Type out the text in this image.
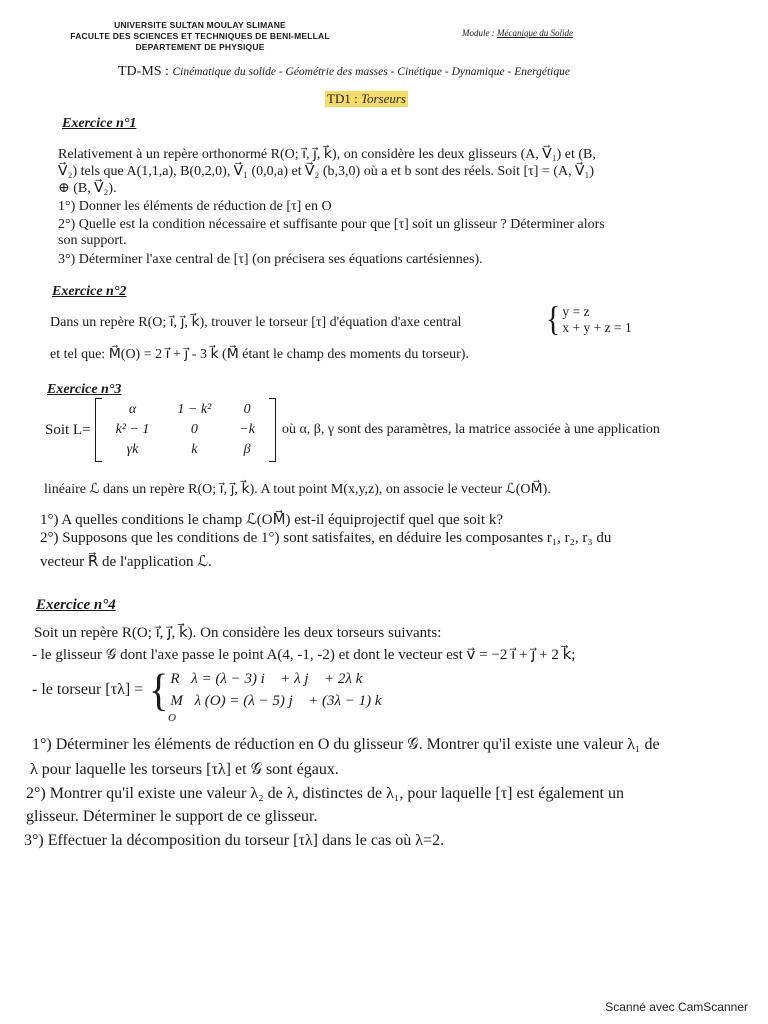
UNIVERSITE SULTAN MOULAY SLIMANE
FACULTE DES SCIENCES ET TECHNIQUES DE BENI-MELLAL
DEPARTEMENT DE PHYSIQUE
Module : Mécanique du Solide
TD-MS : Cinématique du solide - Géométrie des masses - Cinétique - Dynamique - Energétique
TD1 : Torseurs
Exercice n°1
Relativement à un repère orthonormé R(O; i⃗, j⃗, k⃗), on considère les deux glisseurs (A, V⃗₁) et (B,
V⃗₂) tels que A(1,1,a), B(0,2,0), V⃗₁ (0,0,a) et V⃗₂ (b,3,0) où a et b sont des réels. Soit [τ] = (A, V⃗₁)
⊕ (B, V⃗₂).
1°) Donner les éléments de réduction de [τ] en O
2°) Quelle est la condition nécessaire et suffisante pour que [τ] soit un glisseur ? Déterminer alors
son support.
3°) Déterminer l'axe central de [τ] (on précisera ses équations cartésiennes).
Exercice n°2
Dans un repère R(O; i⃗, j⃗, k⃗), trouver le torseur [τ] d'équation d'axe central	{ y = z
x + y + z = 1
et tel que: M⃗(O) = 2 i⃗ + j⃗ - 3 k⃗ (M⃗ étant le champ des moments du torseur).
Exercice n°3
Soit L=
α	1 − k²	0
k² − 1	0	−k
γk	k	β
où α, β, γ sont des paramètres, la matrice associée à une application
linéaire ℒ dans un repère R(O; i⃗, j⃗, k⃗). A tout point M(x,y,z), on associe le vecteur ℒ(OM⃗).
1°) A quelles conditions le champ ℒ(OM⃗) est-il équiprojectif quel que soit k?
2°) Supposons que les conditions de 1°) sont satisfaites, en déduire les composantes r₁, r₂, r₃ du
vecteur R⃗ de l'application ℒ.
Exercice n°4
Soit un repère R(O; i⃗, j⃗, k⃗). On considère les deux torseurs suivants:
- le glisseur 𝒢 dont l'axe passe le point A(4, -1, -2) et dont le vecteur est v⃗ = −2 i⃗ + j⃗ + 2 k⃗;
- le torseur [τλ] = { R⃗λ = (λ − 3) i⃗ + λ j⃗ + 2λ k⃗
M⃗λ (O) = (λ − 5) j⃗ + (3λ − 1) k⃗
O
1°) Déterminer les éléments de réduction en O du glisseur 𝒢. Montrer qu'il existe une valeur λ₁ de
λ pour laquelle les torseurs [τλ] et 𝒢 sont égaux.
2°) Montrer qu'il existe une valeur λ₂ de λ, distinctes de λ₁, pour laquelle [τ] est également un
glisseur. Déterminer le support de ce glisseur.
3°) Effectuer la décomposition du torseur [τλ] dans le cas où λ=2.
Scanné avec CamScanner
